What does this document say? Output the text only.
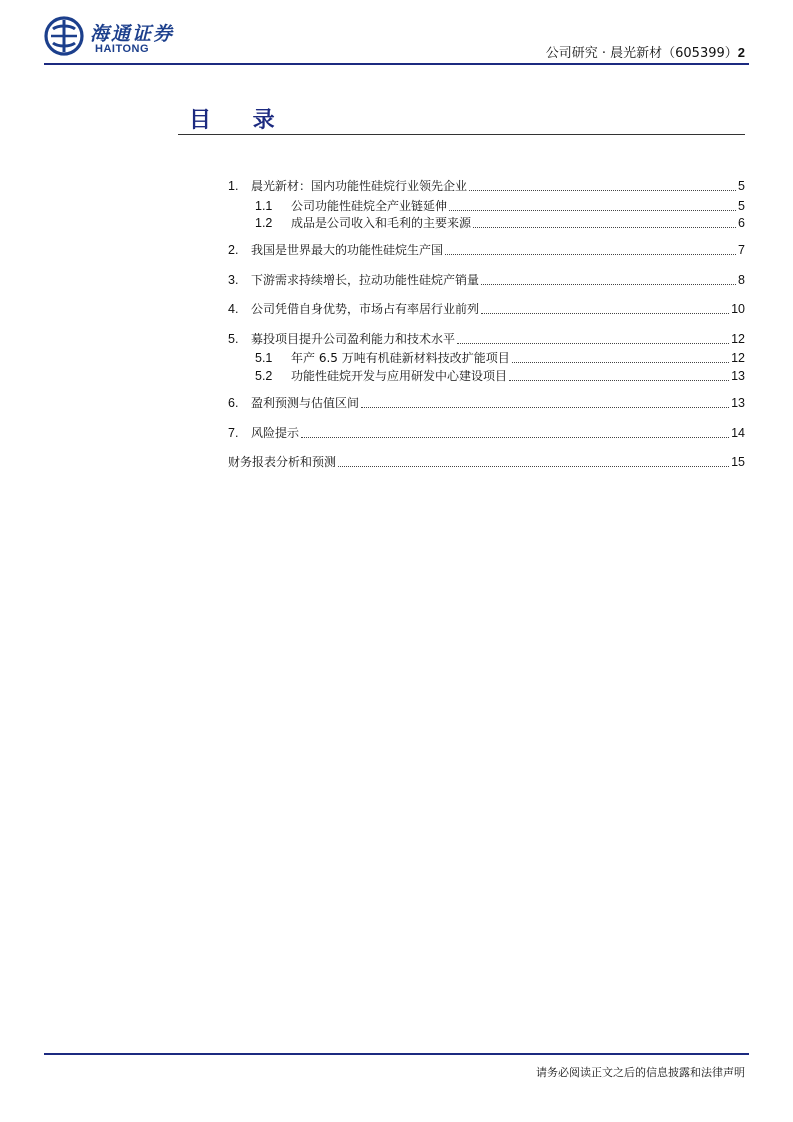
海通证券
HAITONG	公司研究 · 晨光新材（605399）2
目 录
1.	晨光新材：国内功能性硅烷行业领先企业	5
1.1	公司功能性硅烷全产业链延伸	5
1.2	成品是公司收入和毛利的主要来源	6
2.	我国是世界最大的功能性硅烷生产国	7
3.	下游需求持续增长，拉动功能性硅烷产销量	8
4.	公司凭借自身优势，市场占有率居行业前列	10
5.	募投项目提升公司盈利能力和技术水平	12
5.1	年产 6.5 万吨有机硅新材料技改扩能项目	12
5.2	功能性硅烷开发与应用研发中心建设项目	13
6.	盈利预测与估值区间	13
7.	风险提示	14
财务报表分析和预测	15
请务必阅读正文之后的信息披露和法律声明
